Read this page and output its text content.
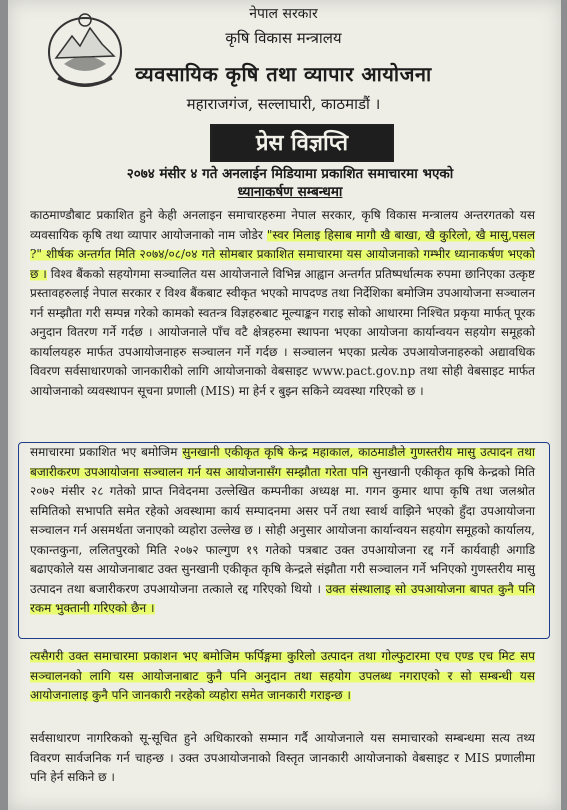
नेपाल सरकार
कृषि विकास मन्त्रालय
व्यवसायिक कृषि तथा व्यापार आयोजना
महाराजगंज, सल्लाघारी, काठमाडौं ।
प्रेस विज्ञप्ति
२०७४ मंसीर ४ गते अनलाईन मिडियामा प्रकाशित समाचारमा भएको
ध्यानाकर्षण सम्बन्धमा
काठमाण्डौबाट प्रकाशित हुने केही अनलाइन समाचारहरुमा नेपाल सरकार, कृषि विकास मन्त्रालय अन्तरगतको यस व्यवसायिक कृषि तथा व्यापार आयोजनाको नाम जोडेर "स्वर मिलाइ हिसाब मागौ खै बाखा, खै कुरिलो, खै मासु,पसल ?" शीर्षक अन्तर्गत मिति २०७४/०८/०४ गते सोमबार प्रकाशित समाचारमा यस आयोजनाको गम्भीर ध्यानाकर्षण भएको छ । विश्व बैंकको सहयोगमा सञ्चालित यस आयोजनाले विभिन्न आह्वान अन्तर्गत प्रतिष्पर्धात्मक रुपमा छानिएका उत्कृष्ट प्रस्तावहरुलाई नेपाल सरकार र विश्व बैंकबाट स्वीकृत भएको मापदण्ड तथा निर्देशिका बमोजिम उपआयोजना सञ्चालन गर्न सम्झौता गरी सम्पन्न गरेको कामको स्वतन्त्र विज्ञहरुबाट मूल्याङ्कन गराइ सोको आधारमा निश्चित प्रकृया मार्फत् पूरक अनुदान वितरण गर्ने गर्दछ । आयोजनाले पाँच वटै क्षेत्रहरुमा स्थापना भएका आयोजना कार्यान्वयन सहयोग समूहको कार्यालयहरु मार्फत उपआयोजनाहरु सञ्चालन गर्ने गर्दछ । सञ्चालन भएका प्रत्येक उपआयोजनाहरुको अद्यावधिक विवरण सर्वसाधारणको जानकारीको लागि आयोजनाको वेबसाइट www.pact.gov.np तथा सोही वेबसाइट मार्फत आयोजनाको व्यवस्थापन सूचना प्रणाली (MIS) मा हेर्न र बुझ्न सकिने व्यवस्था गरिएको छ ।
समाचारमा प्रकाशित भए बमोजिम सुनखानी एकीकृत कृषि केन्द्र महाकाल, काठमाडौले गुणस्तरीय मासु उत्पादन तथा बजारीकरण उपआयोजना सञ्चालन गर्न यस आयोजनासँग सम्झौता गरेता पनि सुनखानी एकीकृत कृषि केन्द्रको मिति २०७२ मंसीर २८ गतेको प्राप्त निवेदनमा उल्लेखित कम्पनीका अध्यक्ष मा. गगन कुमार थापा कृषि तथा जलश्रोत समितिको सभापति समेत रहेको अवस्थामा कार्य सम्पादनमा असर पर्ने तथा स्वार्थ वाझिने भएको हुँदा उपआयोजना सञ्चालन गर्न असमर्थता जनाएको व्यहोरा उल्लेख छ । सोही अनुसार आयोजना कार्यान्वयन सहयोग समूहको कार्यालय, एकान्तकुना, ललितपुरको मिति २०७२ फाल्गुण १९ गतेको पत्रबाट उक्त उपआयोजना रद्द गर्ने कार्यवाही अगाडि बढाएकोले यस आयोजनाबाट उक्त सुनखानी एकीकृत कृषि केन्द्रले संझौता गरी सञ्चालन गर्ने भनिएको गुणस्तरीय मासु उत्पादन तथा बजारीकरण उपआयोजना तत्काले रद्द गरिएको थियो । उक्त संस्थालाइ सो उपआयोजना बापत कुनै पनि रकम भुक्तानी गरिएको छैन ।
त्यसैगरी उक्त समाचारमा प्रकाशन भए बमोजिम फर्पिङ्गमा कुरिलो उत्पादन तथा गोल्फुटारमा एच एण्ड एच मिट सप सञ्चालनको लागि यस आयोजनाबाट कुनै पनि अनुदान तथा सहयोग उपलब्ध नगराएको र सो सम्बन्धी यस आयोजनालाइ कुनै पनि जानकारी नरहेको व्यहोरा समेत जानकारी गराइन्छ ।
सर्वसाधारण नागरिकको सू-सूचित हुने अधिकारको सम्मान गर्दै आयोजनाले यस समाचारको सम्बन्धमा सत्य तथ्य विवरण सार्वजनिक गर्न चाहन्छ । उक्त उपआयोजनाको विस्तृत जानकारी आयोजनाको वेबसाइट र MIS प्रणालीमा पनि हेर्न सकिने छ ।
